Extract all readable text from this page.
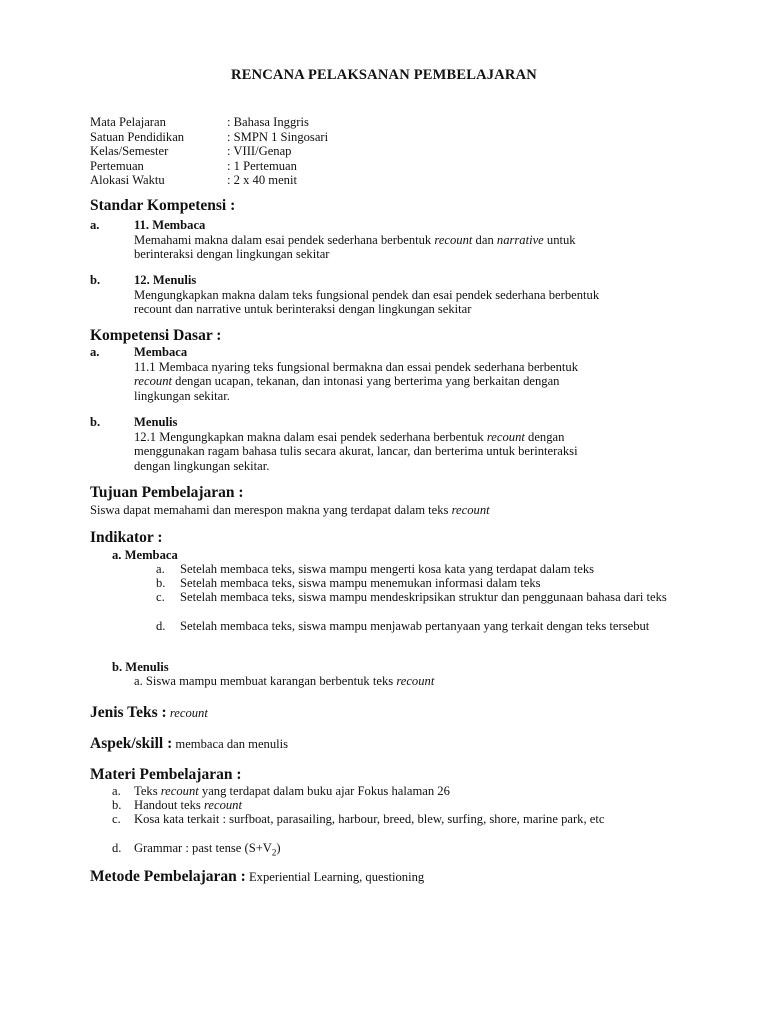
RENCANA PELAKSANAN PEMBELAJARAN
Mata Pelajaran	: Bahasa Inggris
Satuan Pendidikan	: SMPN 1 Singosari
Kelas/Semester	: VIII/Genap
Pertemuan	: 1 Pertemuan
Alokasi Waktu	: 2 x 40 menit
Standar Kompetensi :
a.	11. Membaca
Memahami makna dalam esai pendek sederhana berbentuk recount dan narrative untuk
berinteraksi dengan lingkungan sekitar
b.	12. Menulis
Mengungkapkan makna dalam teks fungsional pendek dan esai pendek sederhana berbentuk
recount dan narrative untuk berinteraksi dengan lingkungan sekitar
Kompetensi Dasar :
a.	Membaca
11.1 Membaca nyaring teks fungsional bermakna dan essai pendek sederhana berbentuk
recount dengan ucapan, tekanan, dan intonasi yang berterima yang berkaitan dengan
lingkungan sekitar.
b.	Menulis
12.1 Mengungkapkan makna dalam esai pendek sederhana berbentuk recount dengan
menggunakan ragam bahasa tulis secara akurat, lancar, dan berterima untuk berinteraksi
dengan lingkungan sekitar.
Tujuan Pembelajaran :
Siswa dapat memahami dan merespon makna yang terdapat dalam teks recount
Indikator :
a. Membaca
a.	Setelah membaca teks, siswa mampu mengerti kosa kata yang terdapat dalam teks
b.	Setelah membaca teks, siswa mampu menemukan informasi dalam teks
c.	Setelah membaca teks, siswa mampu mendeskripsikan struktur dan penggunaan bahasa dari teks
d.	Setelah membaca teks, siswa mampu menjawab pertanyaan yang terkait dengan teks tersebut
b. Menulis
a. Siswa mampu membuat karangan berbentuk teks recount
Jenis Teks : recount
Aspek/skill : membaca dan menulis
Materi Pembelajaran :
a.	Teks recount yang terdapat dalam buku ajar Fokus halaman 26
b. Handout teks recount
c.	Kosa kata terkait : surfboat, parasailing, harbour, breed, blew, surfing, shore, marine park, etc
d. Grammar : past tense $(S+V_2)$
Metode Pembelajaran : Experiential Learning, questioning
